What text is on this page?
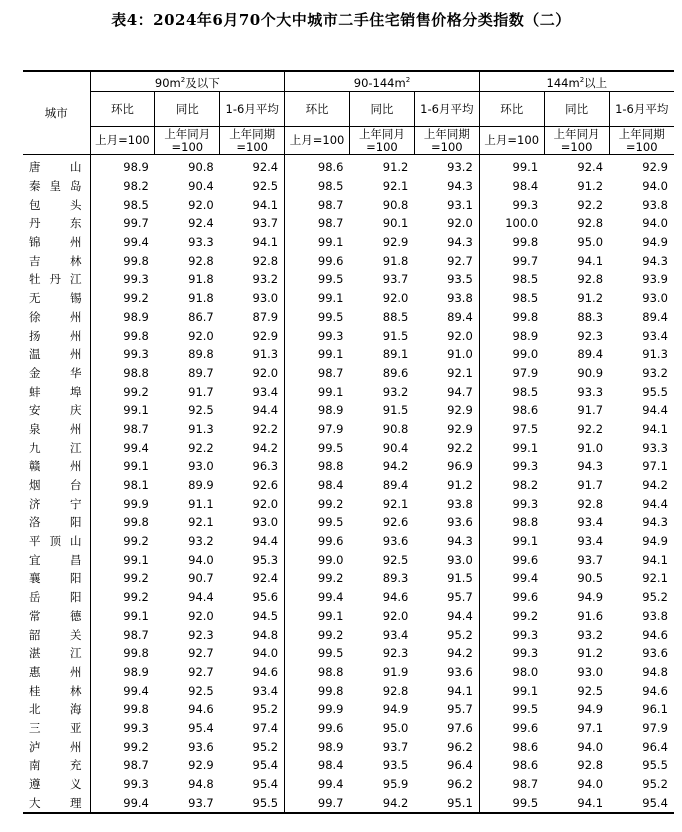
表4：2024年6月70个大中城市二手住宅销售价格分类指数（二）
城市	$90m^2$及以下			$90-144m^2$			$144m^2$以上		
	环比	同比	1-6月平均	环比	同比	1-6月平均	环比	同比	1-6月平均
	上月=100	上年同月=100	上年同期=100	上月=100	上年同月=100	上年同期=100	上月=100	上年同月=100	上年同期=100
唐山	98.9	90.8	92.4	98.6	91.2	93.2	99.1	92.4	92.9
秦皇岛	98.2	90.4	92.5	98.5	92.1	94.3	98.4	91.2	94.0
包头	98.5	92.0	94.1	98.7	90.8	93.1	99.3	92.2	93.8
丹东	99.7	92.4	93.7	98.7	90.1	92.0	100.0	92.8	94.0
锦州	99.4	93.3	94.1	99.1	92.9	94.3	99.8	95.0	94.9
吉林	99.8	92.8	92.8	99.6	91.8	92.7	99.7	94.1	94.3
牡丹江	99.3	91.8	93.2	99.5	93.7	93.5	98.5	92.8	93.9
无锡	99.2	91.8	93.0	99.1	92.0	93.8	98.5	91.2	93.0
徐州	98.9	86.7	87.9	99.5	88.5	89.4	99.8	88.3	89.4
扬州	99.8	92.0	92.9	99.3	91.5	92.0	98.9	92.3	93.4
温州	99.3	89.8	91.3	99.1	89.1	91.0	99.0	89.4	91.3
金华	98.8	89.7	92.0	98.7	89.6	92.1	97.9	90.9	93.2
蚌埠	99.2	91.7	93.4	99.1	93.2	94.7	98.5	93.3	95.5
安庆	99.1	92.5	94.4	98.9	91.5	92.9	98.6	91.7	94.4
泉州	98.7	91.3	92.2	97.9	90.8	92.9	97.5	92.2	94.1
九江	99.4	92.2	94.2	99.5	90.4	92.2	99.1	91.0	93.3
赣州	99.1	93.0	96.3	98.8	94.2	96.9	99.3	94.3	97.1
烟台	98.1	89.9	92.6	98.4	89.4	91.2	98.2	91.7	94.2
济宁	99.9	91.1	92.0	99.2	92.1	93.8	99.3	92.8	94.4
洛阳	99.8	92.1	93.0	99.5	92.6	93.6	98.8	93.4	94.3
平顶山	99.2	93.2	94.4	99.6	93.6	94.3	99.1	93.4	94.9
宜昌	99.1	94.0	95.3	99.0	92.5	93.0	99.6	93.7	94.1
襄阳	99.2	90.7	92.4	99.2	89.3	91.5	99.4	90.5	92.1
岳阳	99.2	94.4	95.6	99.4	94.6	95.7	99.6	94.9	95.2
常德	99.1	92.0	94.5	99.1	92.0	94.4	99.2	91.6	93.8
韶关	98.7	92.3	94.8	99.2	93.4	95.2	99.3	93.2	94.6
湛江	99.8	92.7	94.0	99.5	92.3	94.2	99.3	91.2	93.6
惠州	98.9	92.7	94.6	98.8	91.9	93.6	98.0	93.0	94.8
桂林	99.4	92.5	93.4	99.8	92.8	94.1	99.1	92.5	94.6
北海	99.8	94.6	95.2	99.9	94.9	95.7	99.5	94.9	96.1
三亚	99.3	95.4	97.4	99.6	95.0	97.6	99.6	97.1	97.9
泸州	99.2	93.6	95.2	98.9	93.7	96.2	98.6	94.0	96.4
南充	98.7	92.9	95.4	98.4	93.5	96.4	98.6	92.8	95.5
遵义	99.3	94.8	95.4	99.4	95.9	96.2	98.7	94.0	95.2
大理	99.4	93.7	95.5	99.7	94.2	95.1	99.5	94.1	95.4
